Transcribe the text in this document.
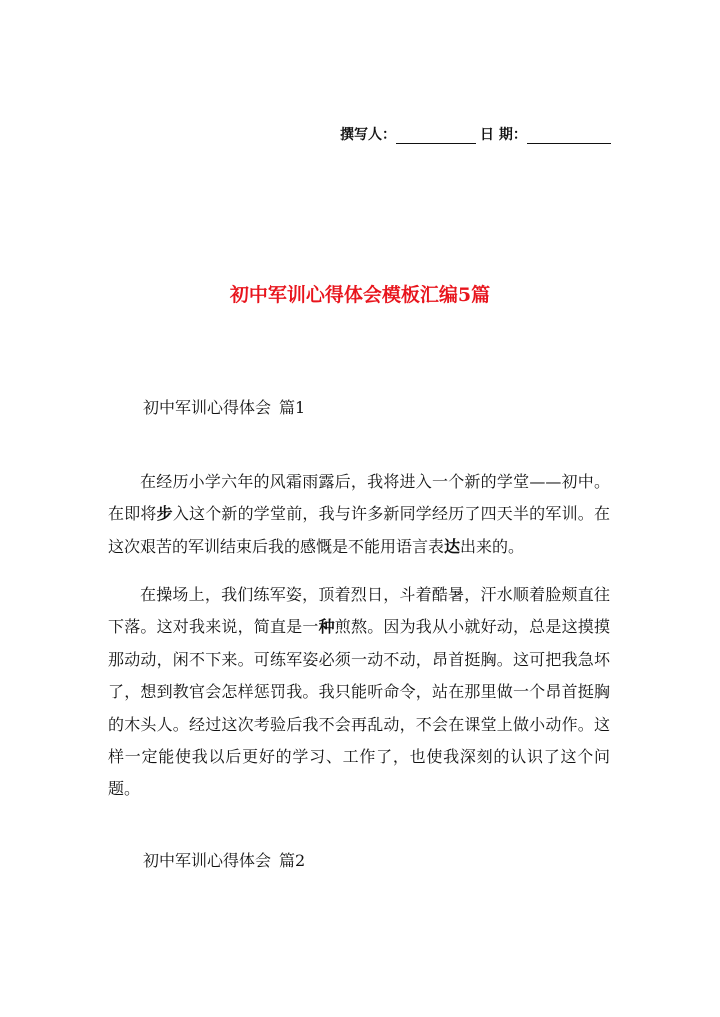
撰写人：	日 期：
初中军训心得体会模板汇编5篇
初中军训心得体会 篇1

在经历小学六年的风霜雨露后，我将进入一个新的学堂——初中。在即将步入这个新的学堂前，我与许多新同学经历了四天半的军训。在这次艰苦的军训结束后我的感慨是不能用语言表达出来的。

在操场上，我们练军姿，顶着烈日，斗着酷暑，汗水顺着脸颊直往下落。这对我来说，简直是一种煎熬。因为我从小就好动，总是这摸摸那动动，闲不下来。可练军姿必须一动不动，昂首挺胸。这可把我急坏了，想到教官会怎样惩罚我。我只能听命令，站在那里做一个昂首挺胸的木头人。经过这次考验后我不会再乱动，不会在课堂上做小动作。这样一定能使我以后更好的学习、工作了，也使我深刻的认识了这个问题。

初中军训心得体会 篇2
